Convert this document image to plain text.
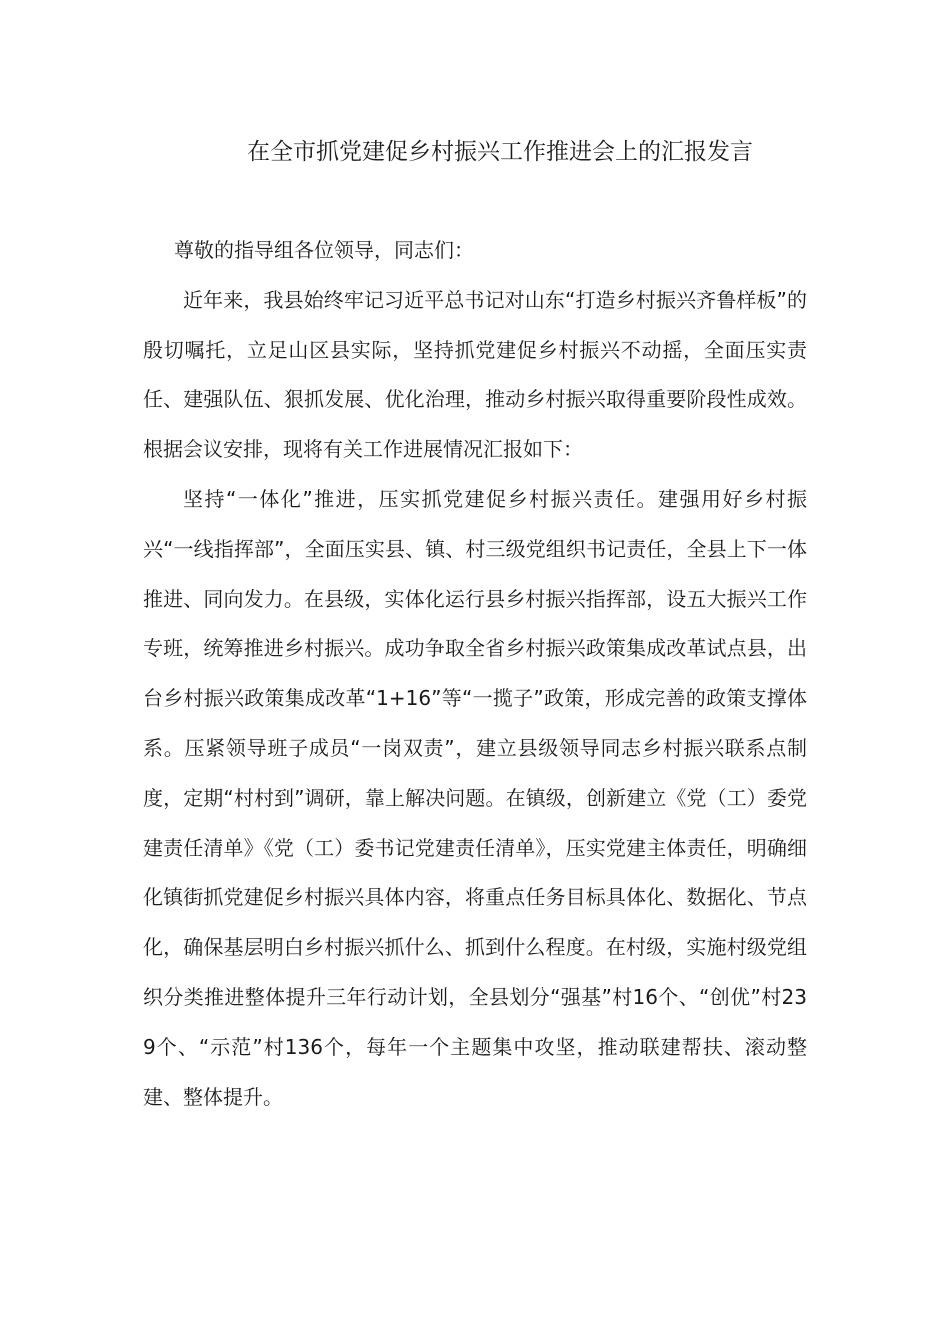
在全市抓党建促乡村振兴工作推进会上的汇报发言

尊敬的指导组各位领导，同志们：

近年来，我县始终牢记习近平总书记对山东“打造乡村振兴齐鲁样板”的殷切嘱托，立足山区县实际，坚持抓党建促乡村振兴不动摇，全面压实责任、建强队伍、狠抓发展、优化治理，推动乡村振兴取得重要阶段性成效。根据会议安排，现将有关工作进展情况汇报如下：

坚持“一体化”推进，压实抓党建促乡村振兴责任。建强用好乡村振兴“一线指挥部”，全面压实县、镇、村三级党组织书记责任，全县上下一体推进、同向发力。在县级，实体化运行县乡村振兴指挥部，设五大振兴工作专班，统筹推进乡村振兴。成功争取全省乡村振兴政策集成改革试点县，出台乡村振兴政策集成改革“1+16”等“一揽子”政策，形成完善的政策支撑体系。压紧领导班子成员“一岗双责”，建立县级领导同志乡村振兴联系点制度，定期“村村到”调研，靠上解决问题。在镇级，创新建立《党（工）委党建责任清单》《党（工）委书记党建责任清单》，压实党建主体责任，明确细化镇街抓党建促乡村振兴具体内容，将重点任务目标具体化、数据化、节点化，确保基层明白乡村振兴抓什么、抓到什么程度。在村级，实施村级党组织分类推进整体提升三年行动计划，全县划分“强基”村16个、“创优”村239个、“示范”村136个，每年一个主题集中攻坚，推动联建帮扶、滚动整建、整体提升。
